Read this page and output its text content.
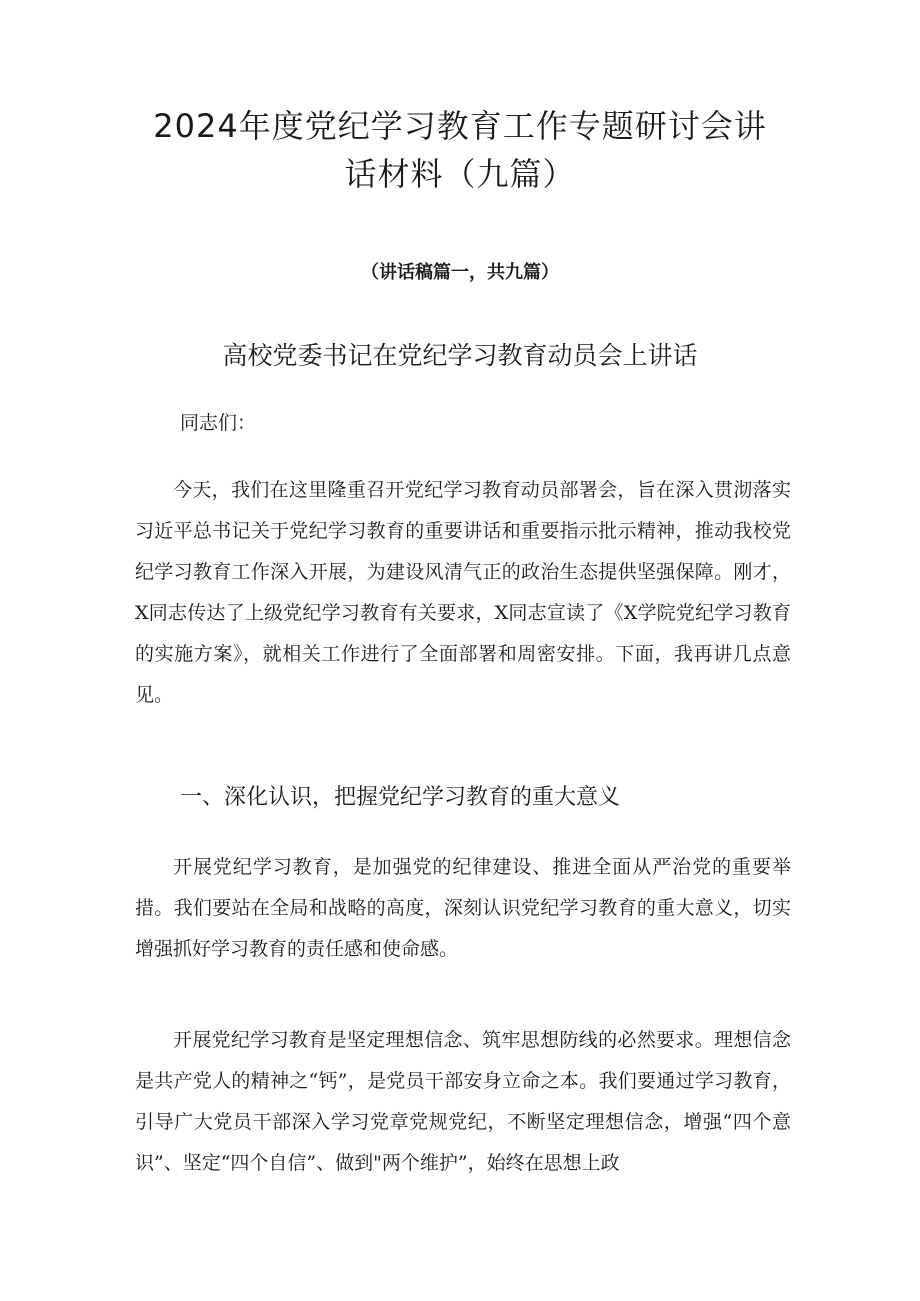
2024年度党纪学习教育工作专题研讨会讲
话材料（九篇）

（讲话稿篇一，共九篇）

高校党委书记在党纪学习教育动员会上讲话

同志们：

今天，我们在这里隆重召开党纪学习教育动员部署会，旨在深入贯沏落实习近平总书记关于党纪学习教育的重要讲话和重要指示批示精神，推动我校党纪学习教育工作深入开展，为建设风清气正的政治生态提供坚强保障。刚才，X同志传达了上级党纪学习教育有关要求，X同志宣读了《X学院党纪学习教育的实施方案》，就相关工作进行了全面部署和周密安排。下面，我再讲几点意见。

一、深化认识，把握党纪学习教育的重大意义

开展党纪学习教育，是加强党的纪律建设、推进全面从严治党的重要举措。我们要站在全局和战略的高度，深刻认识党纪学习教育的重大意义，切实增强抓好学习教育的责任感和使命感。

开展党纪学习教育是坚定理想信念、筑牢思想防线的必然要求。理想信念是共产党人的精神之“钙”，是党员干部安身立命之本。我们要通过学习教育，引导广大党员干部深入学习党章党规党纪，不断坚定理想信念，增强“四个意识”、坚定“四个自信”、做到"两个维护”，始终在思想上政
